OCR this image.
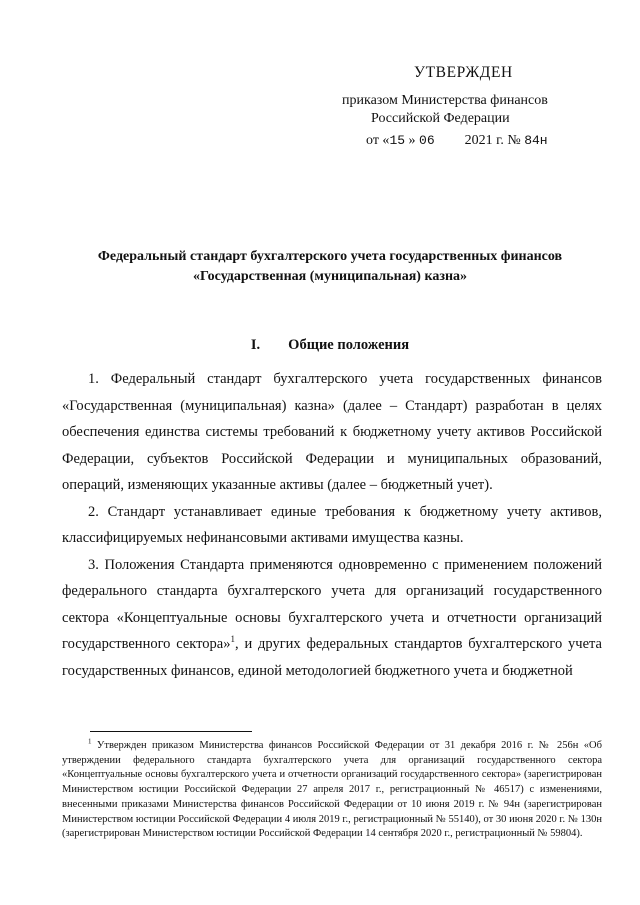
УТВЕРЖДЕН
приказом Министерства финансов
Российской Федерации
от «15 » 06 2021 г. № 84н
Федеральный стандарт бухгалтерского учета государственных финансов
«Государственная (муниципальная) казна»
I. Общие положения

1. Федеральный стандарт бухгалтерского учета государственных финансов «Государственная (муниципальная) казна» (далее – Стандарт) разработан в целях обеспечения единства системы требований к бюджетному учету активов Российской Федерации, субъектов Российской Федерации и муниципальных образований, операций, изменяющих указанные активы (далее – бюджетный учет).

2. Стандарт устанавливает единые требования к бюджетному учету активов, классифицируемых нефинансовыми активами имущества казны.

3. Положения Стандарта применяются одновременно с применением положений федерального стандарта бухгалтерского учета для организаций государственного сектора «Концептуальные основы бухгалтерского учета и отчетности организаций государственного сектора»$^1$, и других федеральных стандартов бухгалтерского учета государственных финансов, единой методологией бюджетного учета и бюджетной

$^1$ Утвержден приказом Министерства финансов Российской Федерации от 31 декабря 2016 г. № 256н «Об утверждении федерального стандарта бухгалтерского учета для организаций государственного сектора «Концептуальные основы бухгалтерского учета и отчетности организаций государственного сектора» (зарегистрирован Министерством юстиции Российской Федерации 27 апреля 2017 г., регистрационный № 46517) с изменениями, внесенными приказами Министерства финансов Российской Федерации от 10 июня 2019 г. № 94н (зарегистрирован Министерством юстиции Российской Федерации 4 июля 2019 г., регистрационный № 55140), от 30 июня 2020 г. № 130н (зарегистрирован Министерством юстиции Российской Федерации 14 сентября 2020 г., регистрационный № 59804).
